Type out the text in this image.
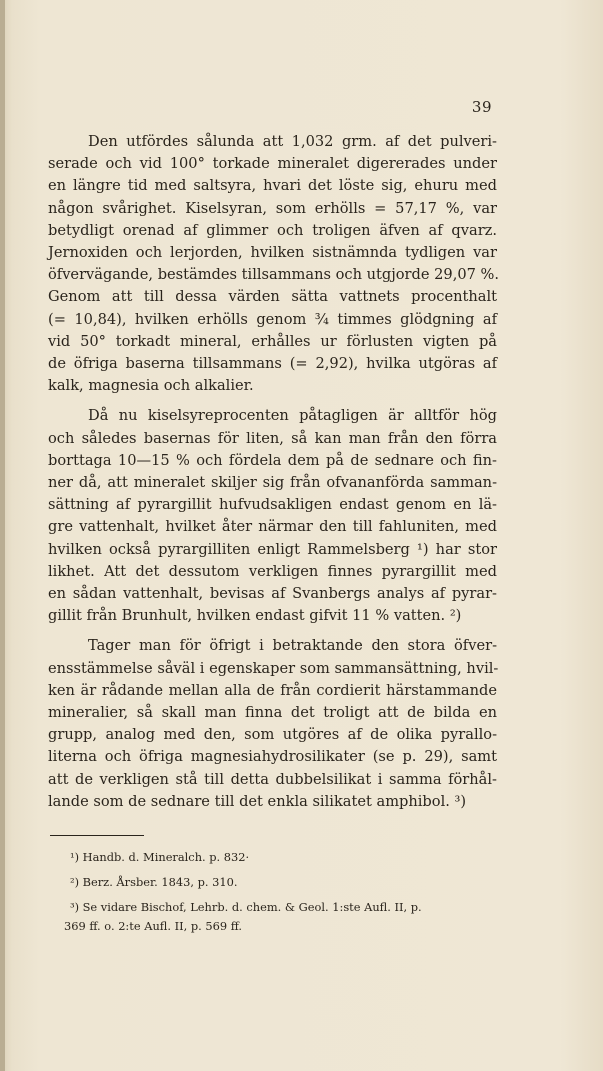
39

Den utfördes sålunda att 1,032 grm. af det pulveri-
serade och vid 100° torkade mineralet digererades under
en längre tid med saltsyra, hvari det löste sig, ehuru med
någon svårighet. Kiselsyran, som erhölls = 57,17 %, var
betydligt orenad af glimmer och troligen äfven af qvarz.
Jernoxiden och lerjorden, hvilken sistnämnda tydligen var
öfvervägande, bestämdes tillsammans och utgjorde 29,07 %.
Genom att till dessa värden sätta vattnets procenthalt
(= 10,84), hvilken erhölls genom ¾ timmes glödgning af
vid 50° torkadt mineral, erhålles ur förlusten vigten på
de öfriga baserna tillsammans (= 2,92), hvilka utgöras af
kalk, magnesia och alkalier.

Då nu kiselsyreprocenten påtagligen är alltför hög
och således basernas för liten, så kan man från den förra
borttaga 10—15 % och fördela dem på de sednare och fin-
ner då, att mineralet skiljer sig från ofvananförda samman-
sättning af pyrargillit hufvudsakligen endast genom en lä-
gre vattenhalt, hvilket åter närmar den till fahluniten, med
hvilken också pyrargilliten enligt Rammelsberg ¹) har stor
likhet. Att det dessutom verkligen finnes pyrargillit med
en sådan vattenhalt, bevisas af Svanbergs analys af pyrar-
gillit från Brunhult, hvilken endast gifvit 11 % vatten. ²)

Tager man för öfrigt i betraktande den stora öfver-
ensstämmelse såväl i egenskaper som sammansättning, hvil-
ken är rådande mellan alla de från cordierit härstammande
mineralier, så skall man finna det troligt att de bilda en
grupp, analog med den, som utgöres af de olika pyrallo-
literna och öfriga magnesiahydrosilikater (se p. 29), samt
att de verkligen stå till detta dubbelsilikat i samma förhål-
lande som de sednare till det enkla silikatet amphibol. ³)

¹) Handb. d. Mineralch. p. 832·
²) Berz. Årsber. 1843, p. 310.
³) Se vidare Bischof, Lehrb. d. chem. & Geol. 1:ste Aufl. II, p.
369 ff. o. 2:te Aufl. II, p. 569 ff.
